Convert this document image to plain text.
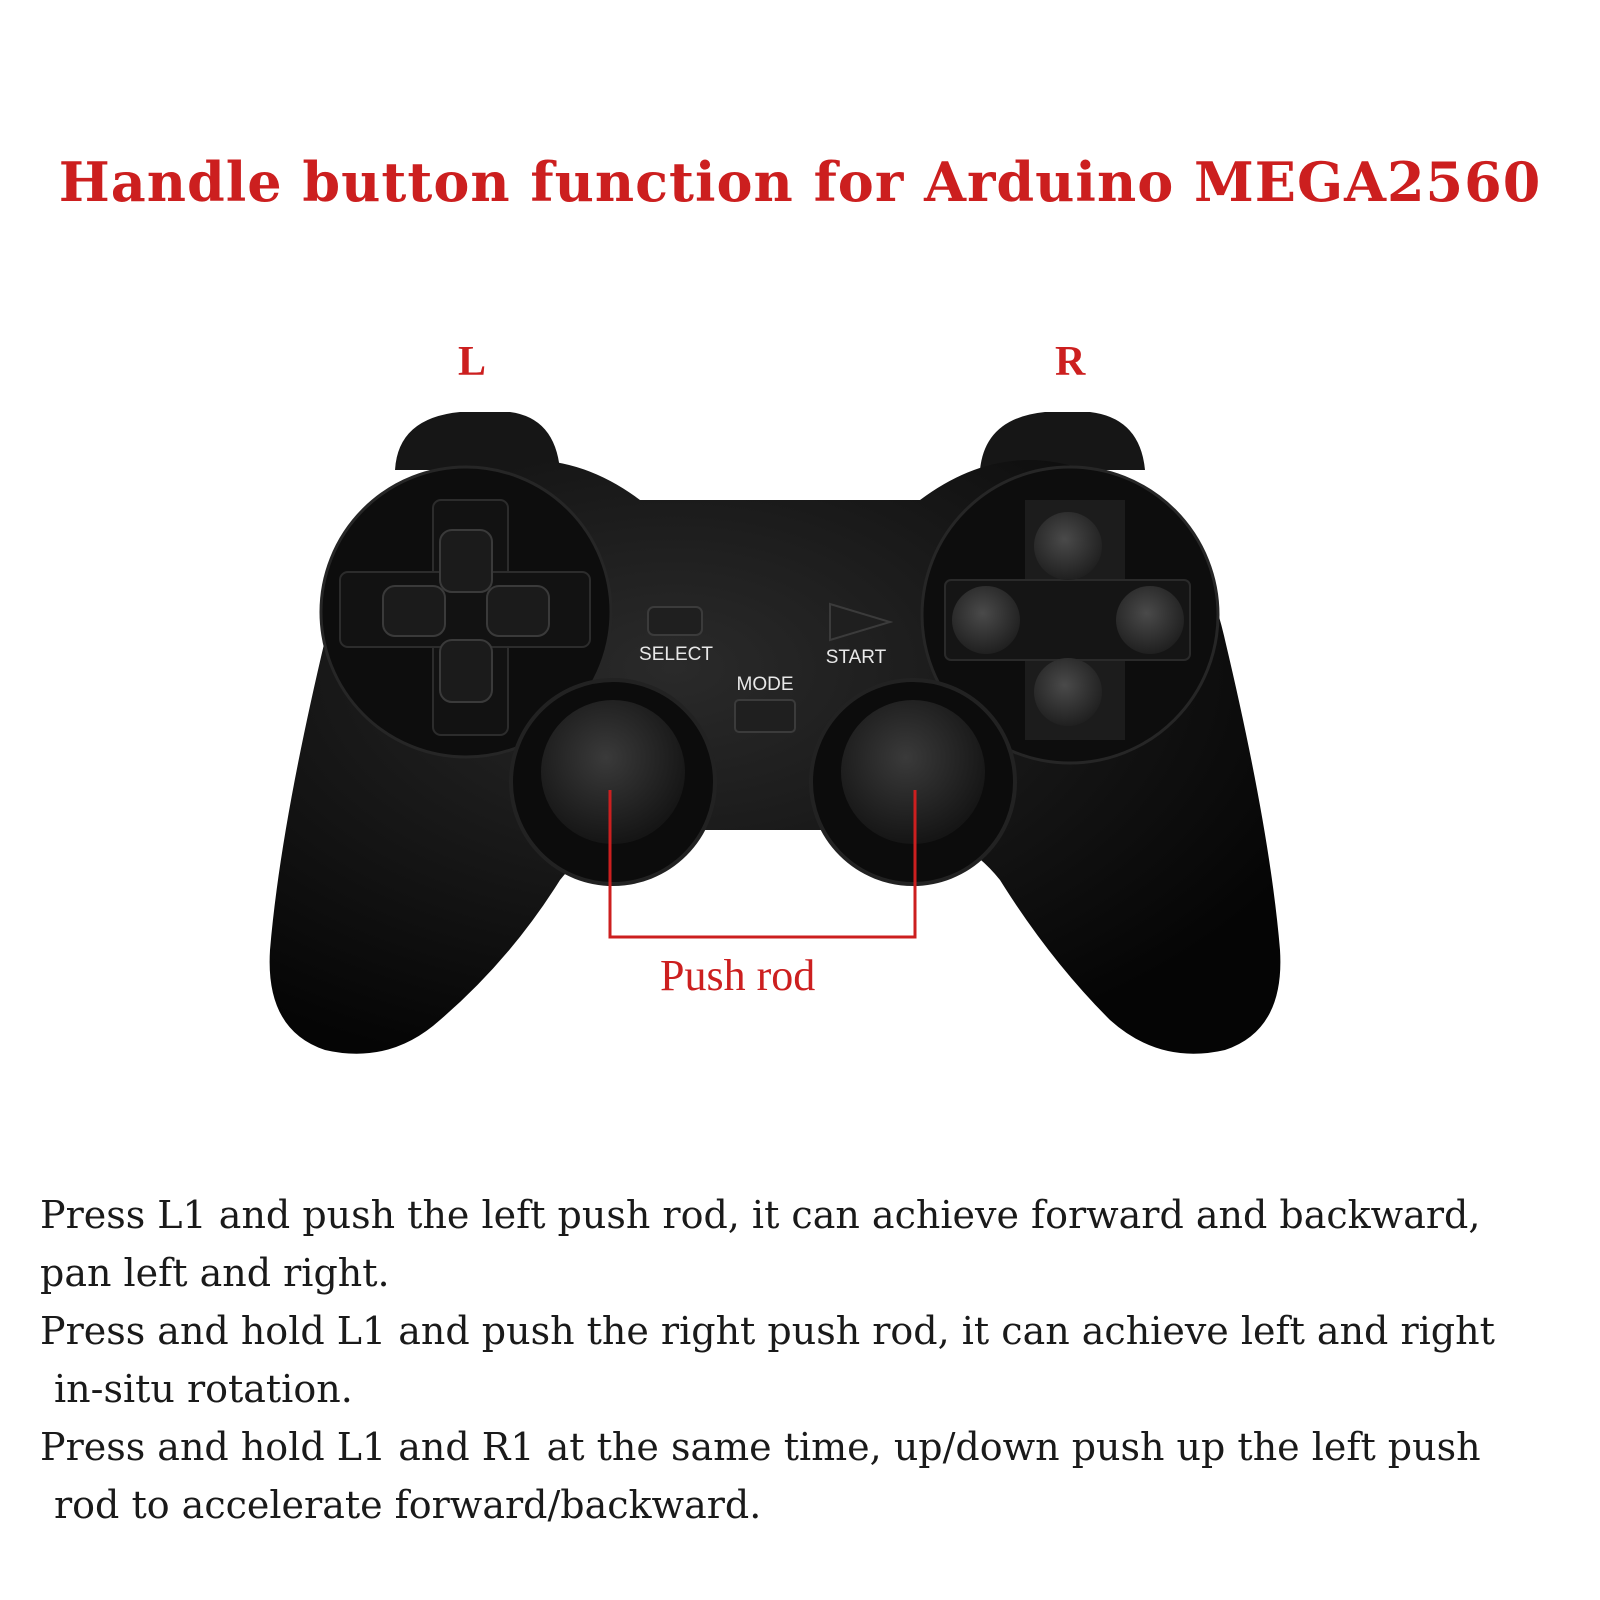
Handle button function for Arduino MEGA2560
L	R
SELECT	START
MODE
Push rod

Press L1 and push the left push rod, it can achieve forward and backward,

pan left and right.

Press and hold L1 and push the right push rod, it can achieve left and right

in-situ rotation.

Press and hold L1 and R1 at the same time, up/down push up the left push

rod to accelerate forward/backward.
